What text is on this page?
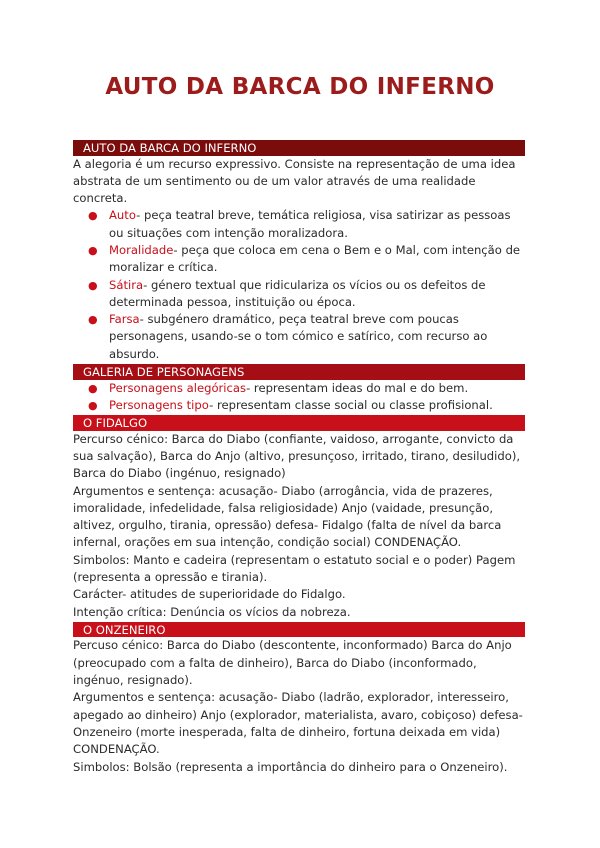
AUTO DA BARCA DO INFERNO
AUTO DA BARCA DO INFERNO

A alegoria é um recurso expressivo. Consiste na representação de uma idea abstrata de um sentimento ou de um valor através de uma realidade concreta.

● Auto- peça teatral breve, temática religiosa, visa satirizar as pessoas ou situações com intenção moralizadora.
● Moralidade- peça que coloca em cena o Bem e o Mal, com intenção de moralizar e crítica.
● Sátira- género textual que ridiculariza os vícios ou os defeitos de determinada pessoa, instituição ou época.
● Farsa- subgénero dramático, peça teatral breve com poucas personagens, usando-se o tom cómico e satírico, com recurso ao absurdo.
GALERIA DE PERSONAGENS
● Personagens alegóricas- representam ideas do mal e do bem.
● Personagens tipo- representam classe social ou classe profisional.
O FIDALGO

Percurso cénico: Barca do Diabo (confiante, vaidoso, arrogante, convicto da sua salvação), Barca do Anjo (altivo, presunçoso, irritado, tirano, desiludido), Barca do Diabo (ingénuo, resignado)

Argumentos e sentença: acusação- Diabo (arrogância, vida de prazeres, imoralidade, infedelidade, falsa religiosidade) Anjo (vaidade, presunção, altivez, orgulho, tirania, opressão) defesa- Fidalgo (falta de nível da barca infernal, orações em sua intenção, condição social) CONDENAÇÃO.

Simbolos: Manto e cadeira (representam o estatuto social e o poder) Pagem (representa a opressão e tirania).

Carácter- atitudes de superioridade do Fidalgo.

Intenção crítica: Denúncia os vícios da nobreza.

O ONZENEIRO

Percuso cénico: Barca do Diabo (descontente, inconformado) Barca do Anjo (preocupado com a falta de dinheiro), Barca do Diabo (inconformado, ingénuo, resignado).

Argumentos e sentença: acusação- Diabo (ladrão, explorador, interesseiro, apegado ao dinheiro) Anjo (explorador, materialista, avaro, cobiçoso) defesa- Onzeneiro (morte inesperada, falta de dinheiro, fortuna deixada em vida) CONDENAÇÃO.

Simbolos: Bolsão (representa a importância do dinheiro para o Onzeneiro).
